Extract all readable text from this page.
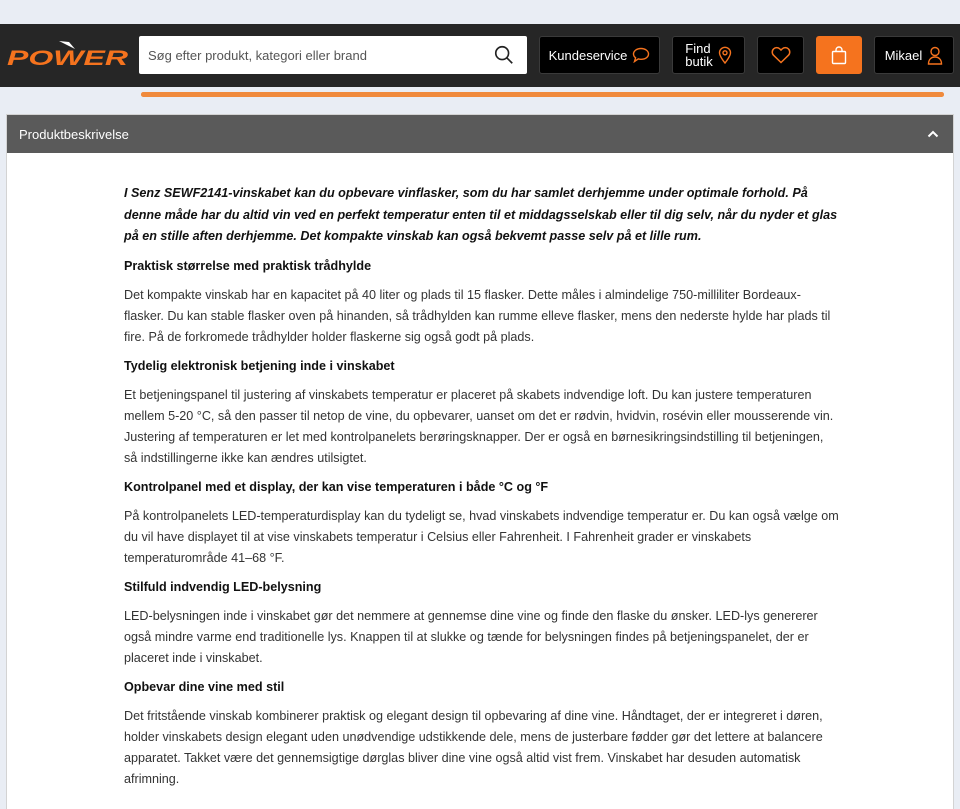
POWER
Søg efter produkt, kategori eller brand	Kundeservice	Find
butik	Mikael
Produktbeskrivelse

I Senz SEWF2141-vinskabet kan du opbevare vinflasker, som du har samlet derhjemme under optimale forhold. På denne måde har du altid vin ved en perfekt temperatur enten til et middagsselskab eller til dig selv, når du nyder et glas på en stille aften derhjemme. Det kompakte vinskab kan også bekvemt passe selv på et lille rum.

Praktisk størrelse med praktisk trådhylde

Det kompakte vinskab har en kapacitet på 40 liter og plads til 15 flasker. Dette måles i almindelige 750-milliliter Bordeaux-flasker. Du kan stable flasker oven på hinanden, så trådhylden kan rumme elleve flasker, mens den nederste hylde har plads til fire. På de forkromede trådhylder holder flaskerne sig også godt på plads.

Tydelig elektronisk betjening inde i vinskabet

Et betjeningspanel til justering af vinskabets temperatur er placeret på skabets indvendige loft. Du kan justere temperaturen mellem 5-20 °C, så den passer til netop de vine, du opbevarer, uanset om det er rødvin, hvidvin, rosévin eller mousserende vin. Justering af temperaturen er let med kontrolpanelets berøringsknapper. Der er også en børnesikringsindstilling til betjeningen, så indstillingerne ikke kan ændres utilsigtet.

Kontrolpanel med et display, der kan vise temperaturen i både °C og °F

På kontrolpanelets LED-temperaturdisplay kan du tydeligt se, hvad vinskabets indvendige temperatur er. Du kan også vælge om du vil have displayet til at vise vinskabets temperatur i Celsius eller Fahrenheit. I Fahrenheit grader er vinskabets temperaturområde 41–68 °F.

Stilfuld indvendig LED-belysning

LED-belysningen inde i vinskabet gør det nemmere at gennemse dine vine og finde den flaske du ønsker. LED-lys genererer også mindre varme end traditionelle lys. Knappen til at slukke og tænde for belysningen findes på betjeningspanelet, der er placeret inde i vinskabet.

Opbevar dine vine med stil

Det fritstående vinskab kombinerer praktisk og elegant design til opbevaring af dine vine. Håndtaget, der er integreret i døren, holder vinskabets design elegant uden unødvendige udstikkende dele, mens de justerbare fødder gør det lettere at balancere apparatet. Takket være det gennemsigtige dørglas bliver dine vine også altid vist frem. Vinskabet har desuden automatisk afrimning.
